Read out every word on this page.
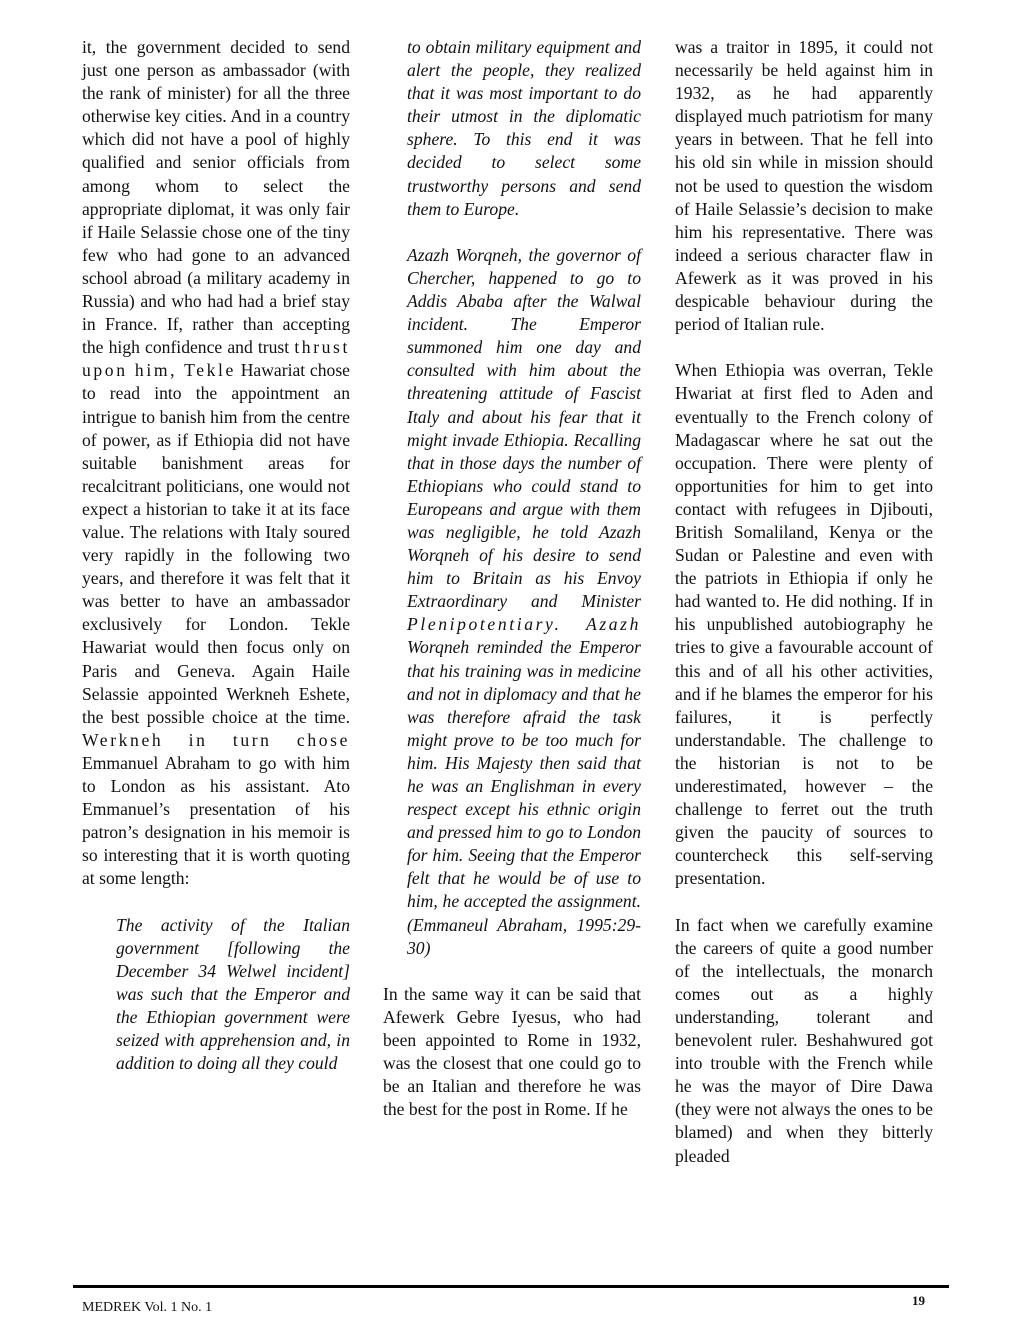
it, the government decided to send just one person as ambassador (with the rank of minister) for all the three otherwise key cities. And in a country which did not have a pool of highly qualified and senior officials from among whom to select the appropriate diplomat, it was only fair if Haile Selassie chose one of the tiny few who had gone to an advanced school abroad (a military academy in Russia) and who had had a brief stay in France. If, rather than accepting the high confidence and trust thrust upon him, Tekle Hawariat chose to read into the appointment an intrigue to banish him from the centre of power, as if Ethiopia did not have suitable banishment areas for recalcitrant politicians, one would not expect a historian to take it at its face value. The relations with Italy soured very rapidly in the following two years, and therefore it was felt that it was better to have an ambassador exclusively for London. Tekle Hawariat would then focus only on Paris and Geneva. Again Haile Selassie appointed Werkneh Eshete, the best possible choice at the time. Werkneh in turn chose Emmanuel Abraham to go with him to London as his assistant. Ato Emmanuel’s presentation of his patron’s designation in his memoir is so interesting that it is worth quoting at some length:

The activity of the Italian government [following the December 34 Welwel incident] was such that the Emperor and the Ethiopian government were seized with apprehension and, in addition to doing all they could

to obtain military equipment and alert the people, they realized that it was most important to do their utmost in the diplomatic sphere. To this end it was decided to select some trustworthy persons and send them to Europe.

Azazh Worqneh, the governor of Chercher, happened to go to Addis Ababa after the Walwal incident. The Emperor summoned him one day and consulted with him about the threatening attitude of Fascist Italy and about his fear that it might invade Ethiopia. Recalling that in those days the number of Ethiopians who could stand to Europeans and argue with them was negligible, he told Azazh Worqneh of his desire to send him to Britain as his Envoy Extraordinary and Minister Plenipotentiary. Azazh Worqneh reminded the Emperor that his training was in medicine and not in diplomacy and that he was therefore afraid the task might prove to be too much for him. His Majesty then said that he was an Englishman in every respect except his ethnic origin and pressed him to go to London for him. Seeing that the Emperor felt that he would be of use to him, he accepted the assignment. (Emmaneul Abraham, 1995:29-30)

In the same way it can be said that Afewerk Gebre Iyesus, who had been appointed to Rome in 1932, was the closest that one could go to be an Italian and therefore he was the best for the post in Rome. If he

was a traitor in 1895, it could not necessarily be held against him in 1932, as he had apparently displayed much patriotism for many years in between. That he fell into his old sin while in mission should not be used to question the wisdom of Haile Selassie’s decision to make him his representative. There was indeed a serious character flaw in Afewerk as it was proved in his despicable behaviour during the period of Italian rule.

When Ethiopia was overran, Tekle Hwariat at first fled to Aden and eventually to the French colony of Madagascar where he sat out the occupation. There were plenty of opportunities for him to get into contact with refugees in Djibouti, British Somaliland, Kenya or the Sudan or Palestine and even with the patriots in Ethiopia if only he had wanted to. He did nothing. If in his unpublished autobiography he tries to give a favourable account of this and of all his other activities, and if he blames the emperor for his failures, it is perfectly understandable. The challenge to the historian is not to be underestimated, however – the challenge to ferret out the truth given the paucity of sources to countercheck this self-serving presentation.

In fact when we carefully examine the careers of quite a good number of the intellectuals, the monarch comes out as a highly understanding, tolerant and benevolent ruler. Beshahwured got into trouble with the French while he was the mayor of Dire Dawa (they were not always the ones to be blamed) and when they bitterly pleaded

MEDREK Vol. 1 No. 1	19
